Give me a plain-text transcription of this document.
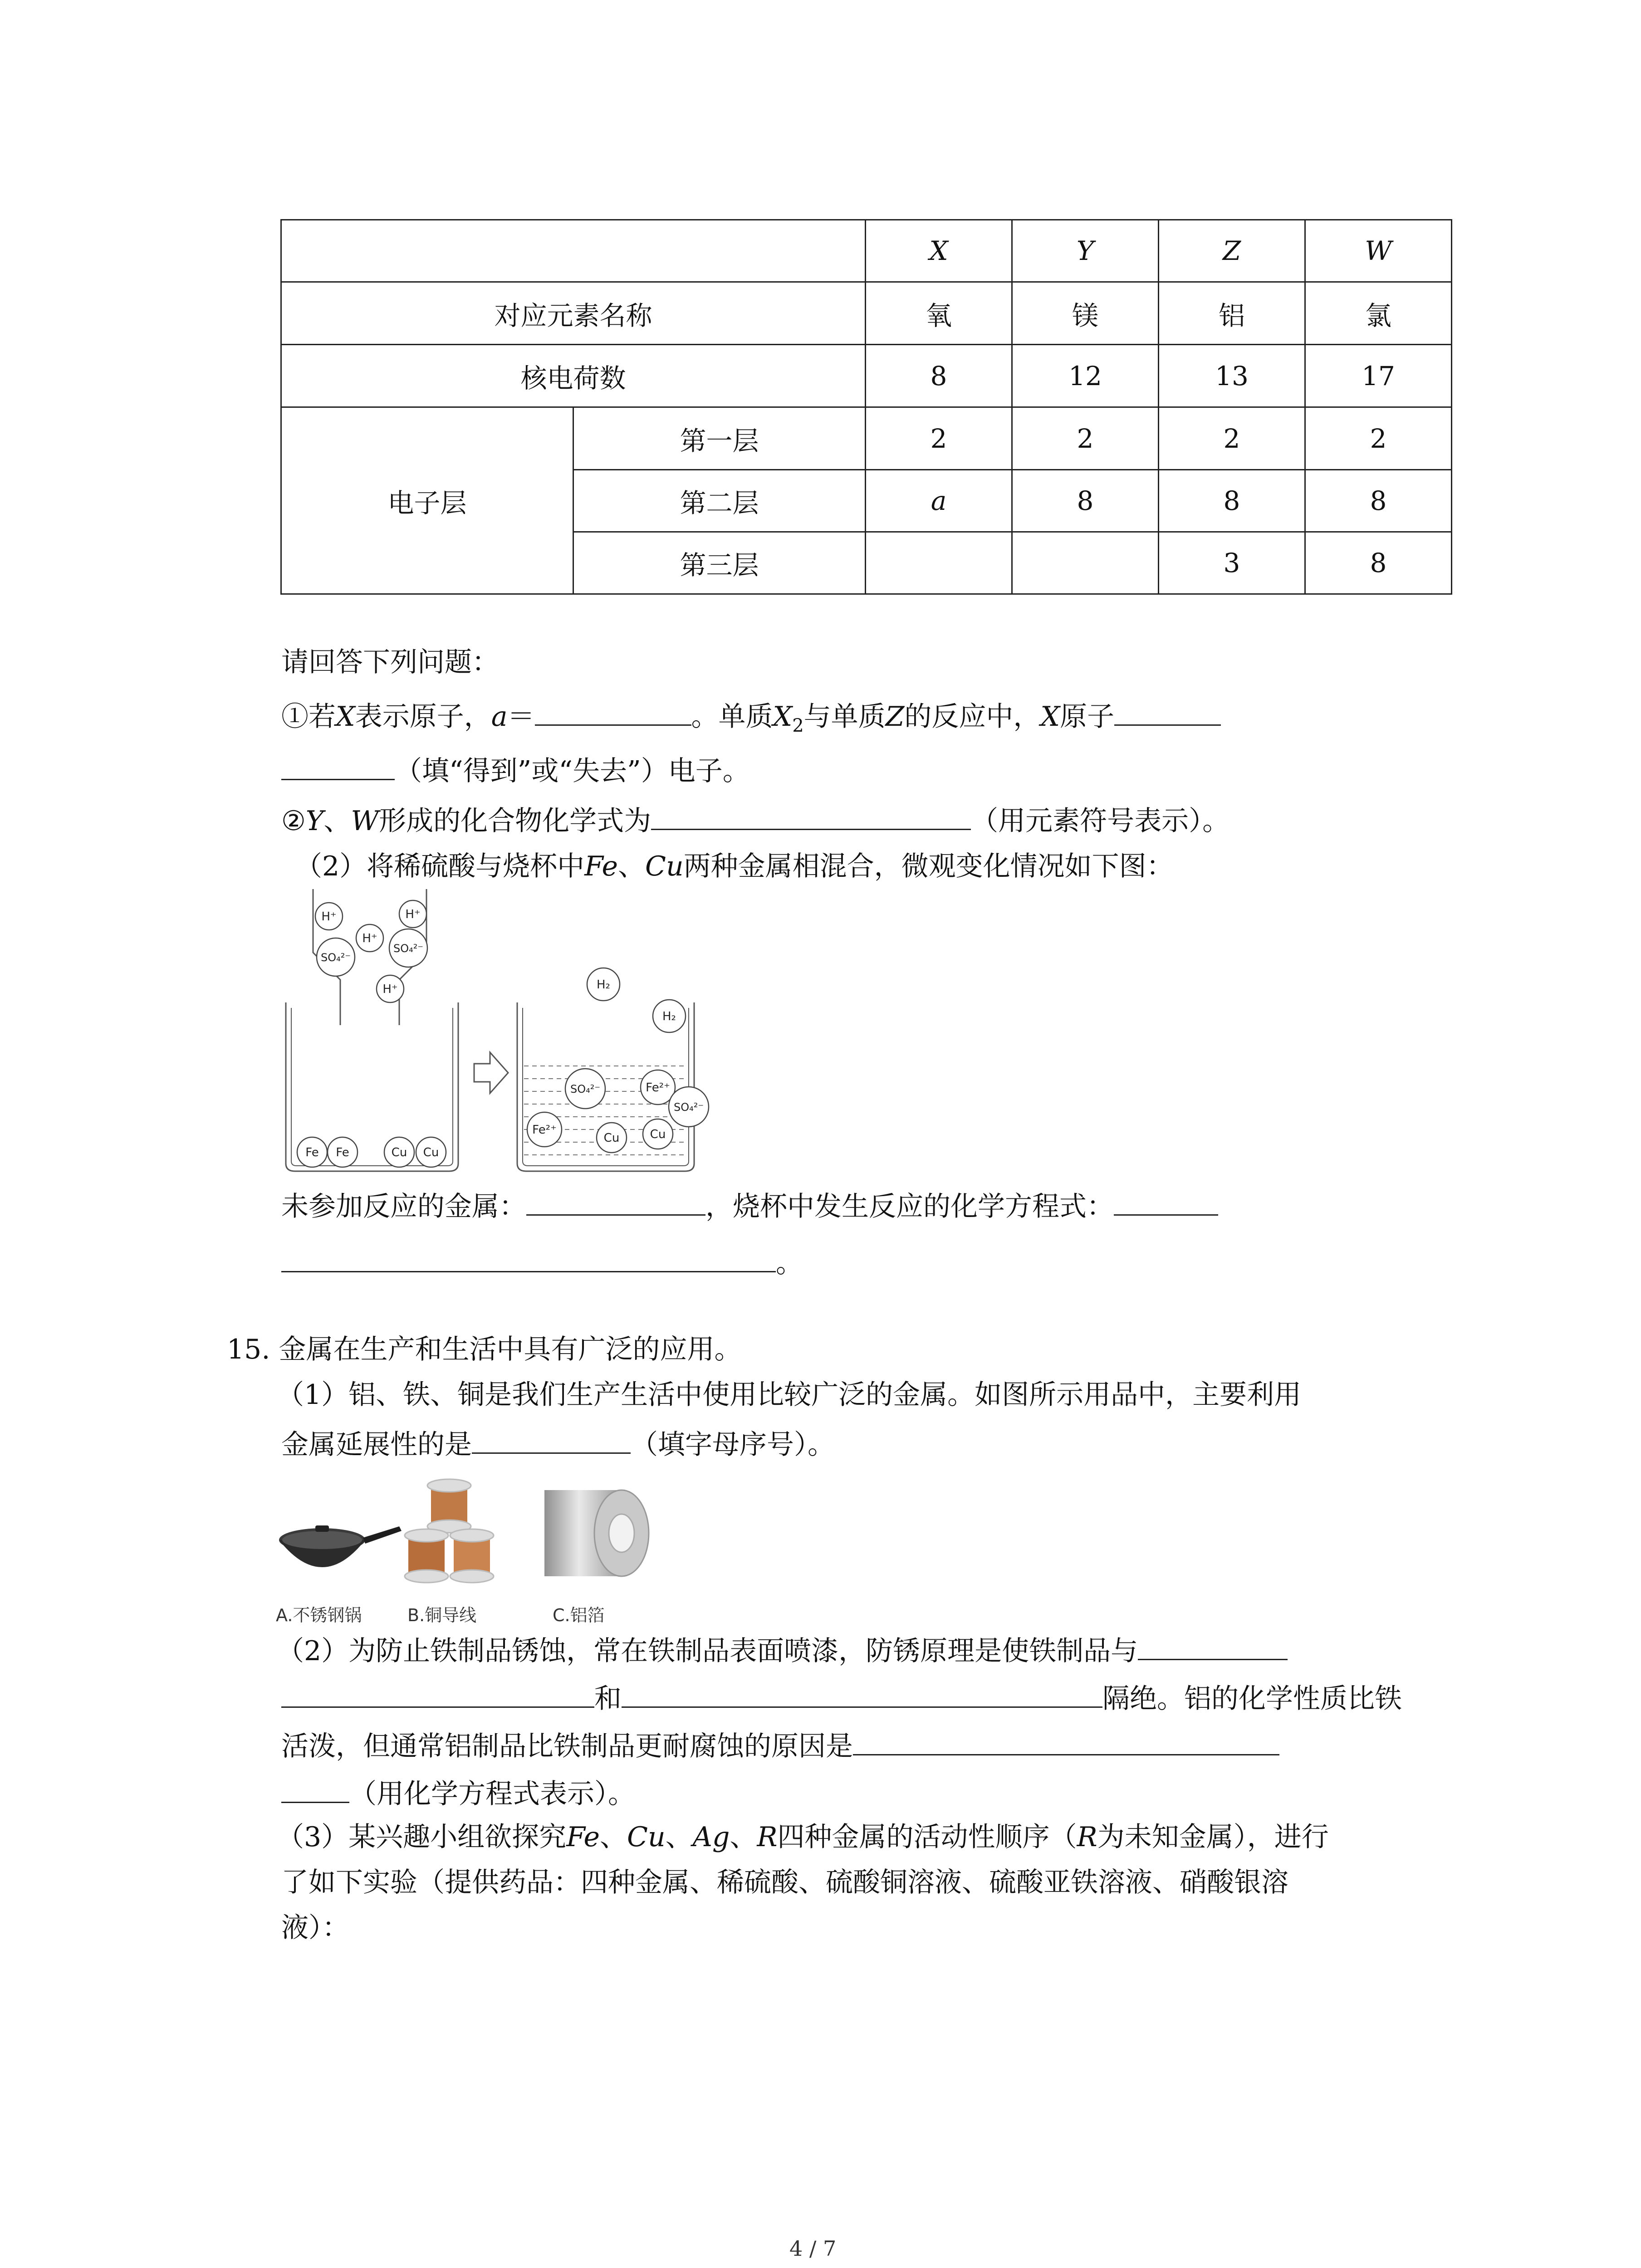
		X	Y	Z	W
对应元素名称		氧	镁	铝	氯
核电荷数		8	12	13	17
电子层	第一层	2	2	2	2
	第二层	a	8	8	8
	第三层			3	8
请回答下列问题：
①若X表示原子，a＝	。单质$X_2$与单质Z的反应中，X原子
（填“得到”或“失去”）电子。
②Y、W形成的化合物化学式为	（用元素符号表示）。
（2）将稀硫酸与烧杯中Fe、Cu两种金属相混合，微观变化情况如下图：
H⁺
H⁺
H⁺
H⁺
SO₄²⁻
SO₄²⁻
Fe Fe	Cu Cu
H₂
H₂
SO₄²⁻	Fe²⁺
SO₄²⁻
Fe²⁺
Cu	Cu
未参加反应的金属：	，烧杯中发生反应的化学方程式：
。
15. 金属在生产和生活中具有广泛的应用。
（1）铝、铁、铜是我们生产生活中使用比较广泛的金属。如图所示用品中，主要利用
金属延展性的是	（填字母序号）。
A.不锈钢锅	B.铜导线	C.铝箔
（2）为防止铁制品锈蚀，常在铁制品表面喷漆，防锈原理是使铁制品与
和	隔绝。铝的化学性质比铁
活泼，但通常铝制品比铁制品更耐腐蚀的原因是
（用化学方程式表示）。
（3）某兴趣小组欲探究Fe、Cu、Ag、R四种金属的活动性顺序（R为未知金属），进行
了如下实验（提供药品：四种金属、稀硫酸、硫酸铜溶液、硫酸亚铁溶液、硝酸银溶
液）：
4 / 7
